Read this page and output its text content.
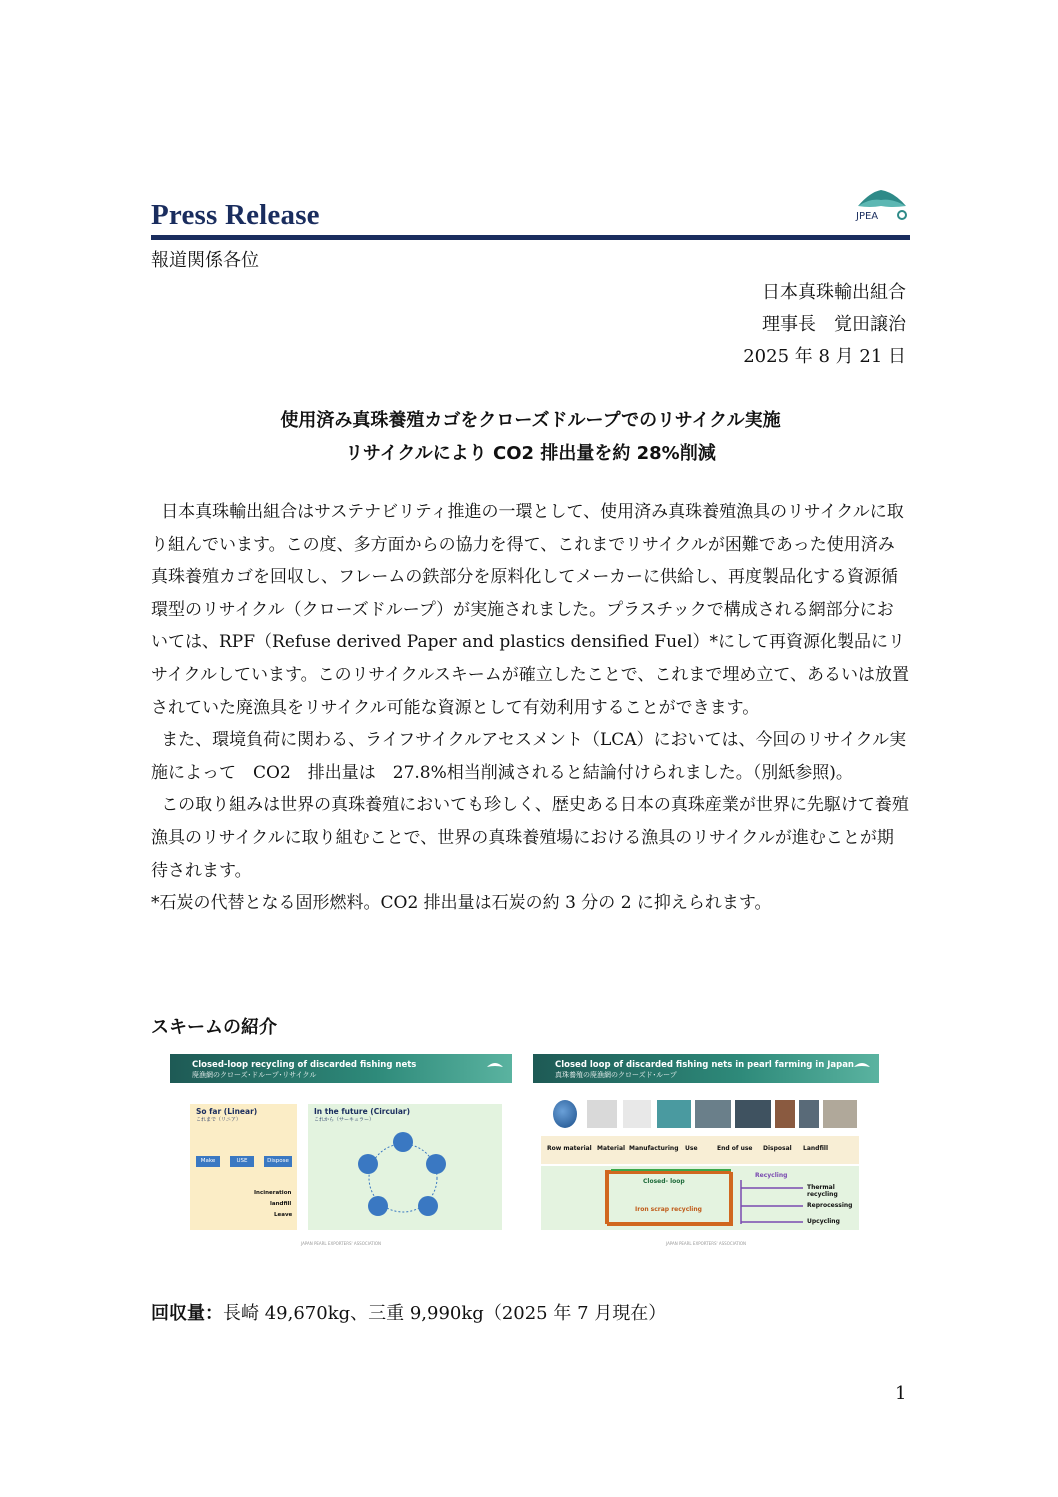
Press Release	JPEA
報道関係各位
日本真珠輸出組合
理事長　覚田譲治
2025 年 8 月 21 日
使用済み真珠養殖カゴをクローズドループでのリサイクル実施
リサイクルにより CO2 排出量を約 28%削減

日本真珠輸出組合はサステナビリティ推進の一環として、使用済み真珠養殖漁具のリサイクルに取り組んでいます。この度、多方面からの協力を得て、これまでリサイクルが困難であった使用済み真珠養殖カゴを回収し、フレームの鉄部分を原料化してメーカーに供給し、再度製品化する資源循環型のリサイクル（クローズドループ）が実施されました。プラスチックで構成される網部分においては、RPF（Refuse derived Paper and plastics densified Fuel）*にして再資源化製品にリサイクルしています。このリサイクルスキームが確立したことで、これまで埋め立て、あるいは放置されていた廃漁具をリサイクル可能な資源として有効利用することができます。

また、環境負荷に関わる、ライフサイクルアセスメント（LCA）においては、今回のリサイクル実施によって　CO2　排出量は　27.8%相当削減されると結論付けられました。（別紙参照)。

この取り組みは世界の真珠養殖においても珍しく、歴史ある日本の真珠産業が世界に先駆けて養殖漁具のリサイクルに取り組むことで、世界の真珠養殖場における漁具のリサイクルが進むことが期待されます。

*石炭の代替となる固形燃料。CO2 排出量は石炭の約 3 分の 2 に抑えられます。

スキームの紹介
Closed-loop recycling of discarded fishing nets
廃漁網のクローズ･ドループ･リサイクル
So far (Linear)
これまで（リニア）
Make	USE	Dispose
Incineration
landfill
Leave
In the future (Circular)
これから（サーキュラー）
JAPAN PEARL EXPORTERS' ASSOCIATION
Closed loop of discarded fishing nets in pearl farming in Japan
真珠養殖の廃漁網のクローズド･ループ
Row material Material Manufacturing Use	End of use Disposal Landfill
Closed- loop
Iron scrap recycling
Recycling
Thermal recycling
Reprocessing
Upcycling
JAPAN PEARL EXPORTERS' ASSOCIATION
回収量：長崎 49,670kg、三重 9,990kg（2025 年 7 月現在）
1
